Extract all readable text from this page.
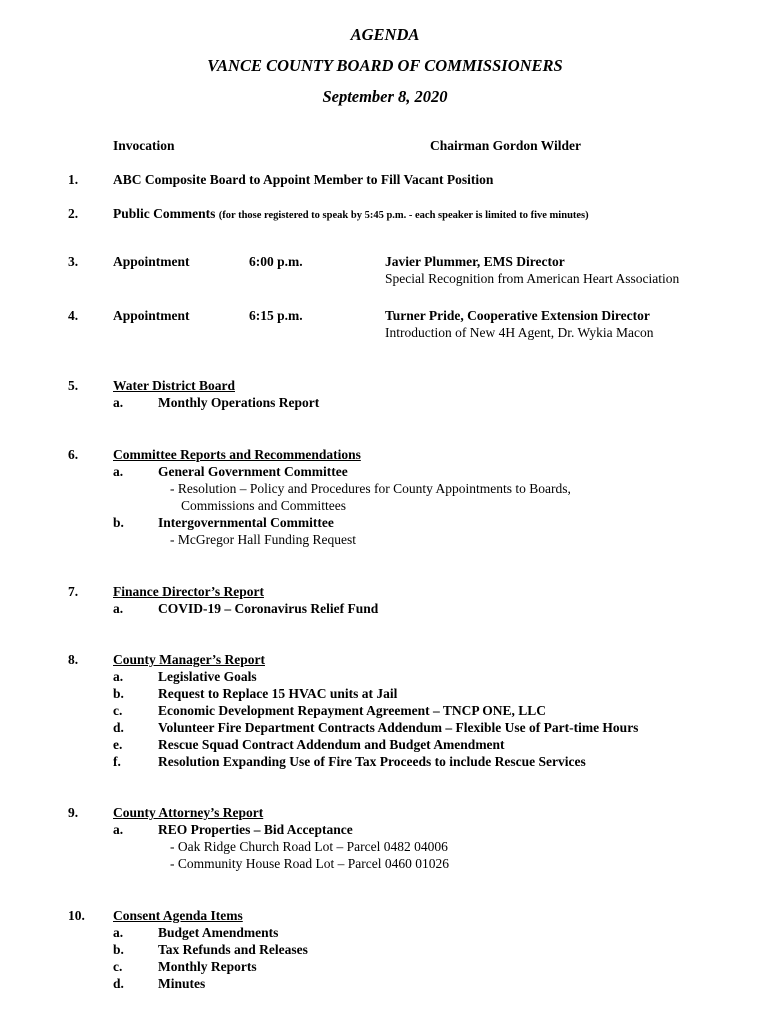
AGENDA
VANCE COUNTY BOARD OF COMMISSIONERS
September 8, 2020
Invocation	Chairman Gordon Wilder
1.	ABC Composite Board to Appoint Member to Fill Vacant Position
2.	Public Comments (for those registered to speak by 5:45 p.m. - each speaker is limited to five minutes)
3.	Appointment	6:00 p.m.	Javier Plummer, EMS Director
Special Recognition from American Heart Association
4.	Appointment	6:15 p.m.	Turner Pride, Cooperative Extension Director
Introduction of New 4H Agent, Dr. Wykia Macon
5.	Water District Board
a.	Monthly Operations Report
6.	Committee Reports and Recommendations
a.	General Government Committee
- Resolution – Policy and Procedures for County Appointments to Boards,
Commissions and Committees
b.	Intergovernmental Committee
- McGregor Hall Funding Request
7.	Finance Director’s Report
a.	COVID-19 – Coronavirus Relief Fund
8.	County Manager’s Report
a.	Legislative Goals
b.	Request to Replace 15 HVAC units at Jail
c.	Economic Development Repayment Agreement – TNCP ONE, LLC
d.	Volunteer Fire Department Contracts Addendum – Flexible Use of Part-time Hours
e.	Rescue Squad Contract Addendum and Budget Amendment
f.	Resolution Expanding Use of Fire Tax Proceeds to include Rescue Services
9.	County Attorney’s Report
a.	REO Properties – Bid Acceptance
- Oak Ridge Church Road Lot – Parcel 0482 04006
- Community House Road Lot – Parcel 0460 01026
10. Consent Agenda Items
a.	Budget Amendments
b.	Tax Refunds and Releases
c.	Monthly Reports
d.	Minutes
